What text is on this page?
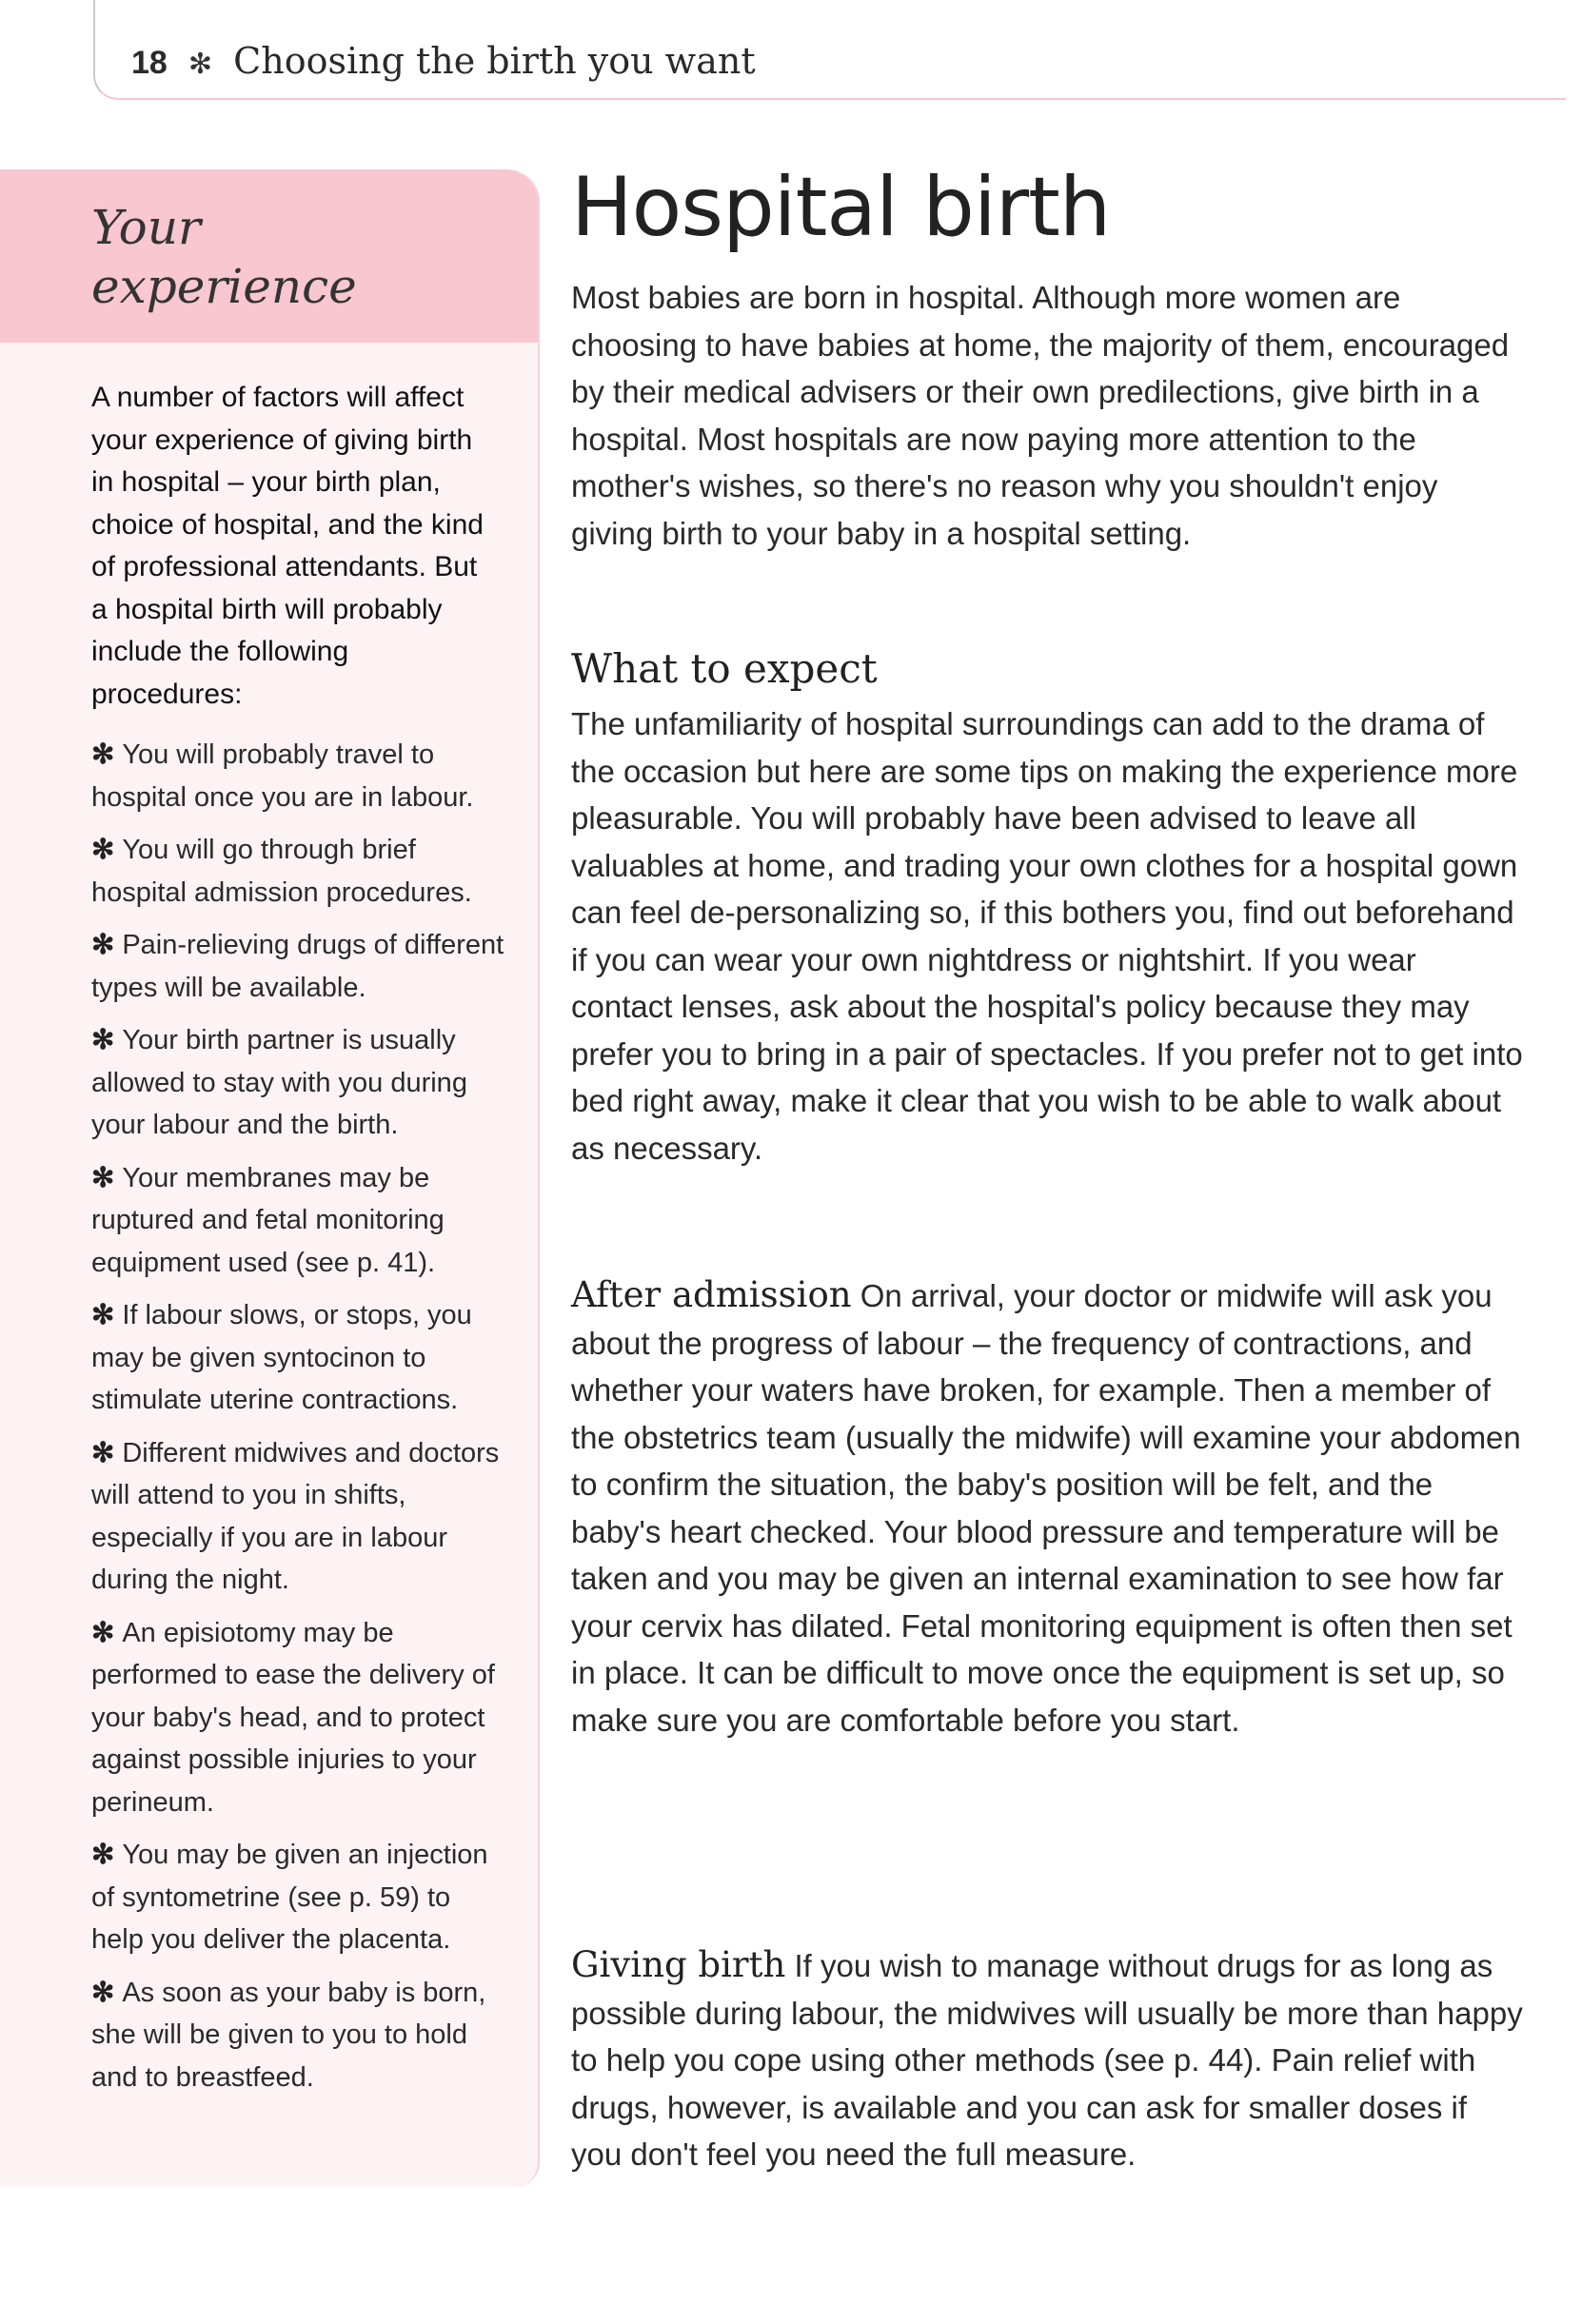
18 ✻ Choosing the birth you want
Your
experience

A number of factors will affect your experience of giving birth in hospital – your birth plan, choice of hospital, and the kind of professional attendants. But a hospital birth will probably include the following procedures:

✻ You will probably travel to hospital once you are in labour.
✻ You will go through brief hospital admission procedures.
✻ Pain-relieving drugs of different types will be available.
✻ Your birth partner is usually allowed to stay with you during your labour and the birth.
✻ Your membranes may be ruptured and fetal monitoring equipment used (see p. 41).
✻ If labour slows, or stops, you may be given syntocinon to stimulate uterine contractions.
✻ Different midwives and doctors will attend to you in shifts, especially if you are in labour during the night.
✻ An episiotomy may be performed to ease the delivery of your baby's head, and to protect against possible injuries to your perineum.
✻ You may be given an injection of syntometrine (see p. 59) to help you deliver the placenta.
✻ As soon as your baby is born, she will be given to you to hold and to breastfeed.
Hospital birth

Most babies are born in hospital. Although more women are choosing to have babies at home, the majority of them, encouraged by their medical advisers or their own predilections, give birth in a hospital. Most hospitals are now paying more attention to the mother's wishes, so there's no reason why you shouldn't enjoy giving birth to your baby in a hospital setting.

What to expect

The unfamiliarity of hospital surroundings can add to the drama of the occasion but here are some tips on making the experience more pleasurable. You will probably have been advised to leave all valuables at home, and trading your own clothes for a hospital gown can feel de-personalizing so, if this bothers you, find out beforehand if you can wear your own nightdress or nightshirt. If you wear contact lenses, ask about the hospital's policy because they may prefer you to bring in a pair of spectacles. If you prefer not to get into bed right away, make it clear that you wish to be able to walk about as necessary.

After admission On arrival, your doctor or midwife will ask you about the progress of labour – the frequency of contractions, and whether your waters have broken, for example. Then a member of the obstetrics team (usually the midwife) will examine your abdomen to confirm the situation, the baby's position will be felt, and the baby's heart checked. Your blood pressure and temperature will be taken and you may be given an internal examination to see how far your cervix has dilated. Fetal monitoring equipment is often then set in place. It can be difficult to move once the equipment is set up, so make sure you are comfortable before you start.

Giving birth If you wish to manage without drugs for as long as possible during labour, the midwives will usually be more than happy to help you cope using other methods (see p. 44). Pain relief with drugs, however, is available and you can ask for smaller doses if you don't feel you need the full measure.
